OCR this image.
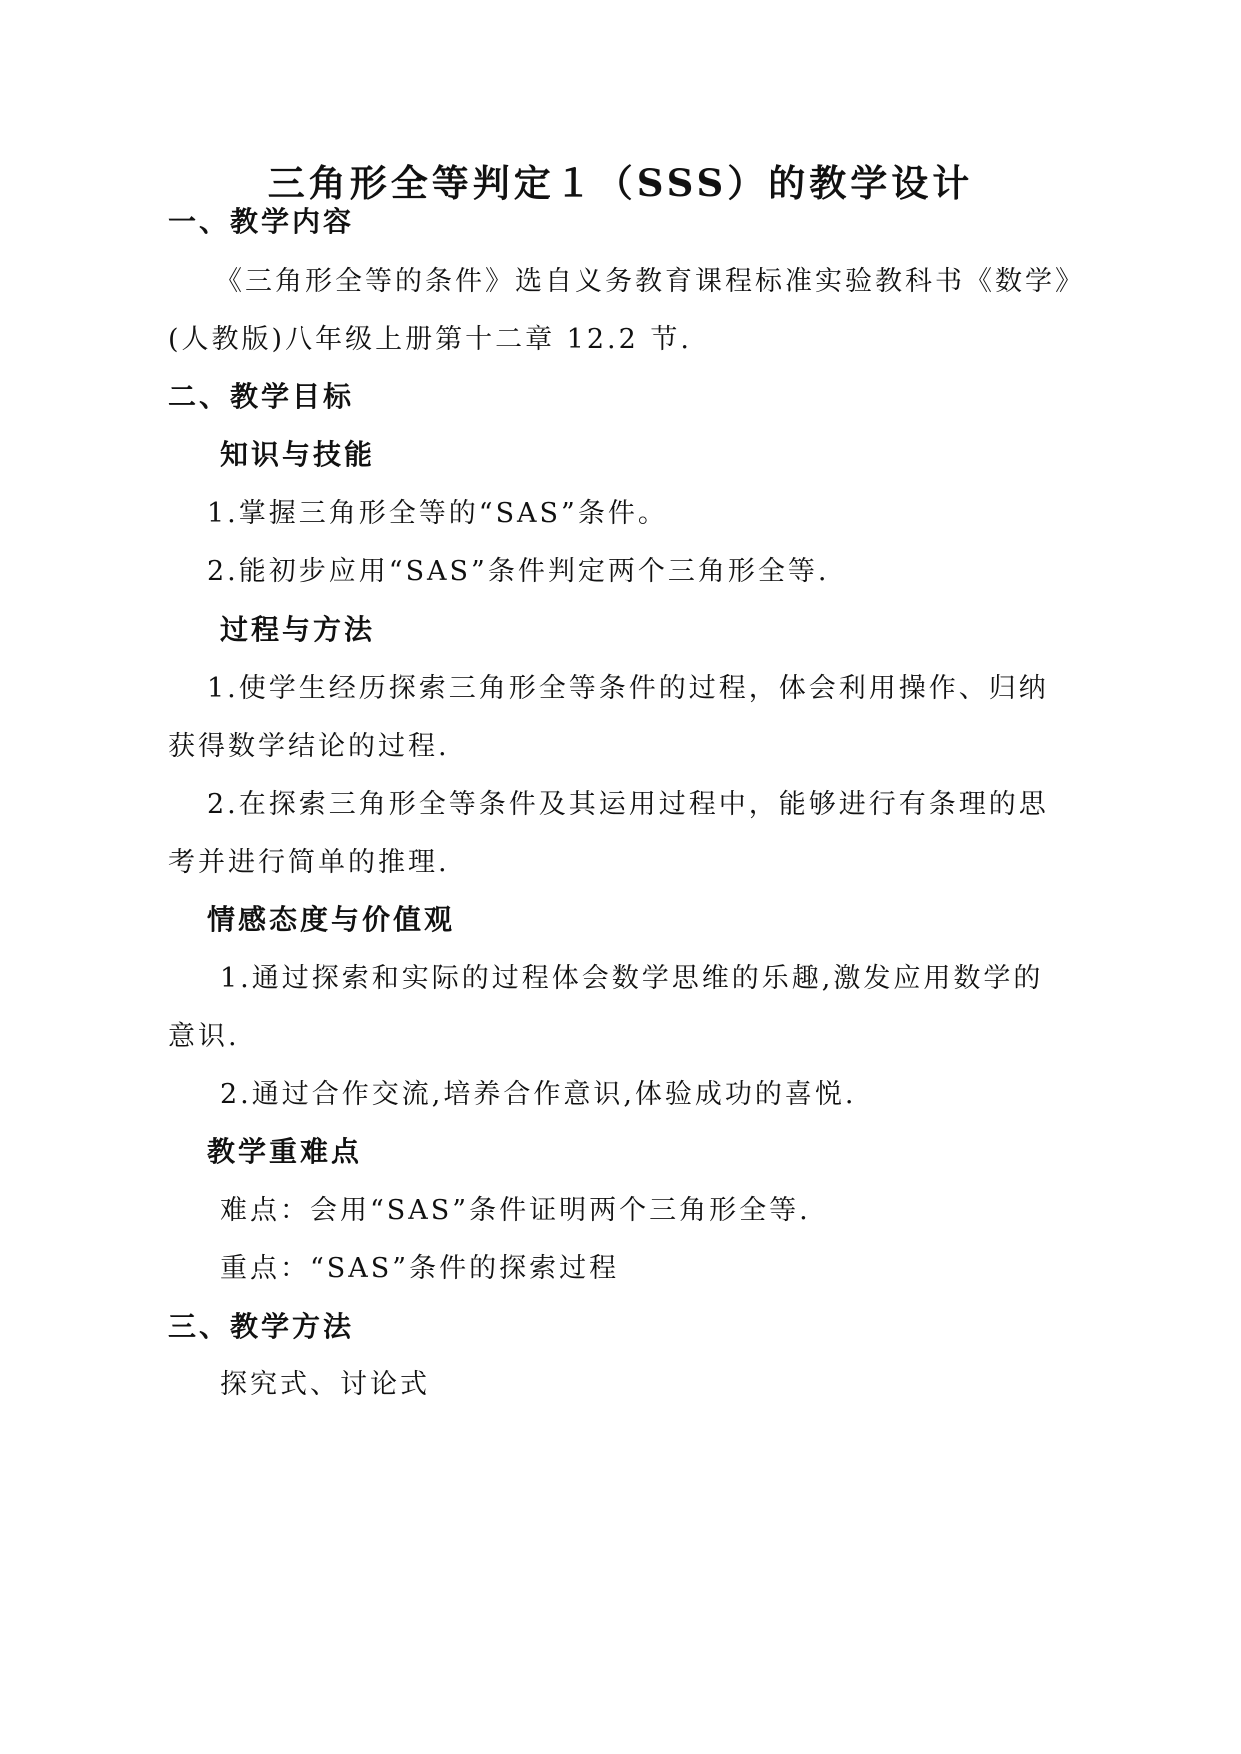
三角形全等判定１（SSS）的教学设计
一、教学内容
《三角形全等的条件》选自义务教育课程标准实验教科书《数学》
(人教版)八年级上册第十二章 12.2 节.
二、教学目标
知识与技能
1.掌握三角形全等的“SAS”条件。
2.能初步应用“SAS”条件判定两个三角形全等.
过程与方法
1.使学生经历探索三角形全等条件的过程，体会利用操作、归纳
获得数学结论的过程.
2.在探索三角形全等条件及其运用过程中，能够进行有条理的思
考并进行简单的推理.
情感态度与价值观
1.通过探索和实际的过程体会数学思维的乐趣,激发应用数学的
意识.
2.通过合作交流,培养合作意识,体验成功的喜悦.
教学重难点
难点：会用“SAS”条件证明两个三角形全等.
重点：“SAS”条件的探索过程
三、教学方法
探究式、讨论式
